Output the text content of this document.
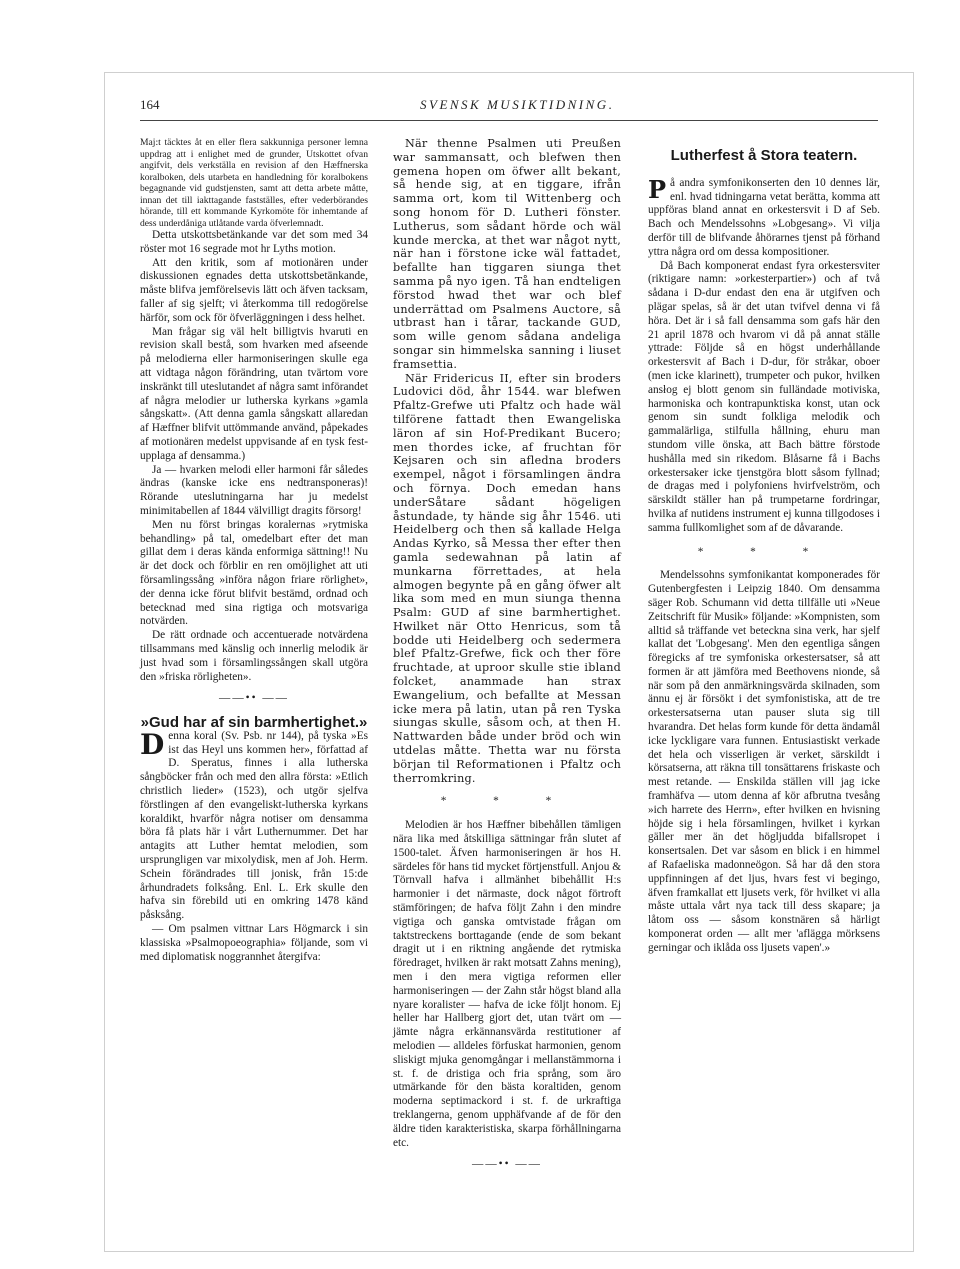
164	SVENSK MUSIKTIDNING.

Maj:t täcktes åt en eller flera sakkunniga personer lemna uppdrag att i enlighet med de grunder, Utskottet ofvan angifvit, dels verkställa en revision af den Hæffnerska koralboken, dels utarbeta en handledning för koralbokens begagnande vid gudstjensten, samt att detta arbete måtte, innan det till iakttagande fastställes, efter vederbörandes hörande, till ett kommande Kyrkomöte för inhemtande af dess underdåniga utlåtande varda öfverlemnadt.

Detta utskottsbetänkande var det som med 34 röster mot 16 segrade mot hr Lyths motion.

Att den kritik, som af motionären under diskussionen egnades detta utskottsbetänkande, måste blifva jemförelsevis lätt och äfven tacksam, faller af sig sjelft; vi återkomma till redogörelse härför, som ock för öfverläggningen i dess helhet.

Man frågar sig väl helt billigtvis hvaruti en revision skall bestå, som hvarken med afseende på melodierna eller harmoniseringen skulle ega att vidtaga någon förändring, utan tvärtom vore inskränkt till uteslutandet af några samt införandet af några melodier ur lutherska kyrkans »gamla sångskatt». (Att denna gamla sångskatt allaredan af Hæffner blifvit uttömmande använd, påpekades af motionären medelst uppvisande af en tysk fest-upplaga af densamma.)

Ja — hvarken melodi eller harmoni får således ändras (kanske icke ens nedtransponeras)! Rörande uteslutningarna har ju medelst minimitabellen af 1844 välvilligt dragits försorg!

Men nu först bringas koralernas »rytmiska behandling» på tal, omedelbart efter det man gillat dem i deras kända enformiga sättning!! Nu är det dock och förblir en ren omöjlighet att uti församlingssång »införa någon friare rörlighet», der denna icke förut blifvit bestämd, ordnad och betecknad med sina rigtiga och motsvariga notvärden.

De rätt ordnade och accentuerade notvärdena tillsammans med känslig och innerlig melodik är just hvad som i församlingssången skall utgöra den »friska rörligheten».

——•• ——

»Gud har af sin barmhertighet.»

Denna koral (Sv. Psb. nr 144), på tyska »Es ist das Heyl uns kommen her», författad af D. Speratus, finnes i alla lutherska sångböcker från och med den allra första: »Etlich christlich lieder» (1523), och utgör sjelfva förstlingen af den evangeliskt-lutherska kyrkans koraldikt, hvarför några notiser om densamma böra få plats här i vårt Luthernummer. Det har antagits att Luther hemtat melodien, som ursprungligen var mixolydisk, men af Joh. Herm. Schein förändrades till jonisk, från 15:de århundradets folksång. Enl. L. Erk skulle den hafva sin förebild uti en omkring 1478 känd påsksång.

— Om psalmen vittnar Lars Högmarck i sin klassiska »Psalmopoeographia» följande, som vi med diplomatisk noggrannhet återgifva:

När thenne Psalmen uti Preußen war sammansatt, och blefwen then gemena hopen om öfwer allt bekant, så hende sig, at en tiggare, ifrån samma ort, kom til Wittenberg och song honom för D. Lutheri fönster. Lutherus, som sådant hörde och wäl kunde mercka, at thet war något nytt, när han i förstone icke wäl fattadet, befallte han tiggaren siunga thet samma på nyo igen. Tå han endteligen förstod hwad thet war och blef underrättad om Psalmens Auctore, så utbrast han i tårar, tackande GUD, som wille genom sådana andeliga songar sin himmelska sanning i liuset framsettia.

När Fridericus II, efter sin broders Ludovici död, åhr 1544. war blefwen Pfaltz-Grefwe uti Pfaltz och hade wäl tilförene fattadt then Ewangeliska läron af sin Hof-Predikant Bucero; men thordes icke, af fruchtan för Kejsaren och sin afledna broders exempel, något i församlingen ändra och förnya. Doch emedan hans underSåtare sådant högeligen åstundade, ty hände sig åhr 1546. uti Heidelberg och then så kallade Helga Andas Kyrko, så Messa ther efter then gamla sedewahnan på latin af munkarna förrettades, at hela almogen begynte på en gång öfwer alt lika som med en mun siunga thenna Psalm: GUD af sine barmhertighet. Hwilket när Otto Henricus, som tå bodde uti Heidelberg och sedermera blef Pfaltz-Grefwe, fick och ther före fruchtade, at uproor skulle stie ibland folcket, anammade han strax Ewangelium, och befallte at Messan icke mera på latin, utan på ren Tyska siungas skulle, såsom och, at then H. Nattwarden både under bröd och win utdelas måtte. Thetta war nu första början til Reformationen i Pfaltz och therromkring.

* * *

Melodien är hos Hæffner bibehållen tämligen nära lika med åtskilliga sättningar från slutet af 1500-talet. Äfven harmoniseringen är hos H. särdeles för hans tid mycket förtjenstfull. Anjou & Törnvall hafva i allmänhet bibehållit H:s harmonier i det närmaste, dock något förtroft stämföringen; de hafva följt Zahn i den mindre vigtiga och ganska omtvistade frågan om taktstreckens borttagande (ende de som bekant dragit ut i en riktning angående det rytmiska föredraget, hvilken är rakt motsatt Zahns mening), men i den mera vigtiga reformen eller harmoniseringen — der Zahn står högst bland alla nyare koralister — hafva de icke följt honom. Ej heller har Hallberg gjort det, utan tvärt om — jämte några erkännansvärda restitutioner af melodien — alldeles förfuskat harmonien, genom sliskigt mjuka genomgångar i mellanstämmorna i st. f. de dristiga och fria språng, som äro utmärkande för den bästa koraltiden, genom moderna septimackord i st. f. de urkraftiga treklangerna, genom upphäfvande af de för den äldre tiden karakteristiska, skarpa förhållningarna etc.

——•• ——

Lutherfest å Stora teatern.

På andra symfonikonserten den 10 dennes lär, enl. hvad tidningarna vetat berätta, komma att uppföras bland annat en orkestersvit i D af Seb. Bach och Mendelssohns »Lobgesang». Vi vilja derför till de blifvande åhörarnes tjenst på förhand yttra några ord om dessa kompositioner.

Då Bach komponerat endast fyra orkestersviter (riktigare namn: »orkesterpartier») och af två sådana i D-dur endast den ena är utgifven och plägar spelas, så är det utan tvifvel denna vi få höra. Det är i så fall densamma som gafs här den 21 april 1878 och hvarom vi då på annat ställe yttrade: Följde så en högst underhållande orkestersvit af Bach i D-dur, för stråkar, oboer (men icke klarinett), trumpeter och pukor, hvilken ansłog ej blott genom sin fulländade motiviska, harmoniska och kontrapunktiska konst, utan ock genom sin sundt folkliga melodik och gammalärliga, stilfulla hållning, ehuru man stundom ville önska, att Bach bättre förstode hushålla med sin rikedom. Blåsarne få i Bachs orkestersaker icke tjenstgöra blott såsom fyllnad; de dragas med i polyfoniens hvirfvelström, och särskildt ställer han på trumpetarne fordringar, hvilka af nutidens instrument ej kunna tillgodoses i samma fullkomlighet som af de dåvarande.

* * *

Mendelssohns symfonikantat komponerades för Gutenbergfesten i Leipzig 1840. Om densamma säger Rob. Schumann vid detta tillfälle uti »Neue Zeitschrift für Musik» följande: »Kompnisten, som alltid så träffande vet beteckna sina verk, har sjelf kallat det 'Lobgesang'. Men den egentliga sången föregicks af tre symfoniska orkestersatser, så att formen är att jämföra med Beethovens nionde, så när som på den anmärkningsvärda skilnaden, som ännu ej är försökt i det symfonistiska, att de tre orkestersatserna utan pauser sluta sig till hvarandra. Det helas form kunde för detta ändamål icke lyckligare vara funnen. Entusiastiskt verkade det hela och visserligen är verket, särskildt i körsatserna, att räkna till tonsättarens friskaste och mest retande. — Enskilda ställen vill jag icke framhäfva — utom denna af kör afbrutna tvesång »ich harrete des Herrn», efter hvilken en hvisning höjde sig i hela församlingen, hvilket i kyrkan gäller mer än det högljudda bifallsropet i konsertsalen. Det var såsom en blick i en himmel af Rafaeliska madonneögon. Så har då den stora uppfinningen af det ljus, hvars fest vi begingo, äfven framkallat ett ljusets verk, för hvilket vi alla måste uttala vårt nya tack till dess skapare; ja låtom oss — såsom konstnären så härligt komponerat orden — allt mer 'aflägga mörksens gerningar och iklåda oss ljusets vapen'.»
